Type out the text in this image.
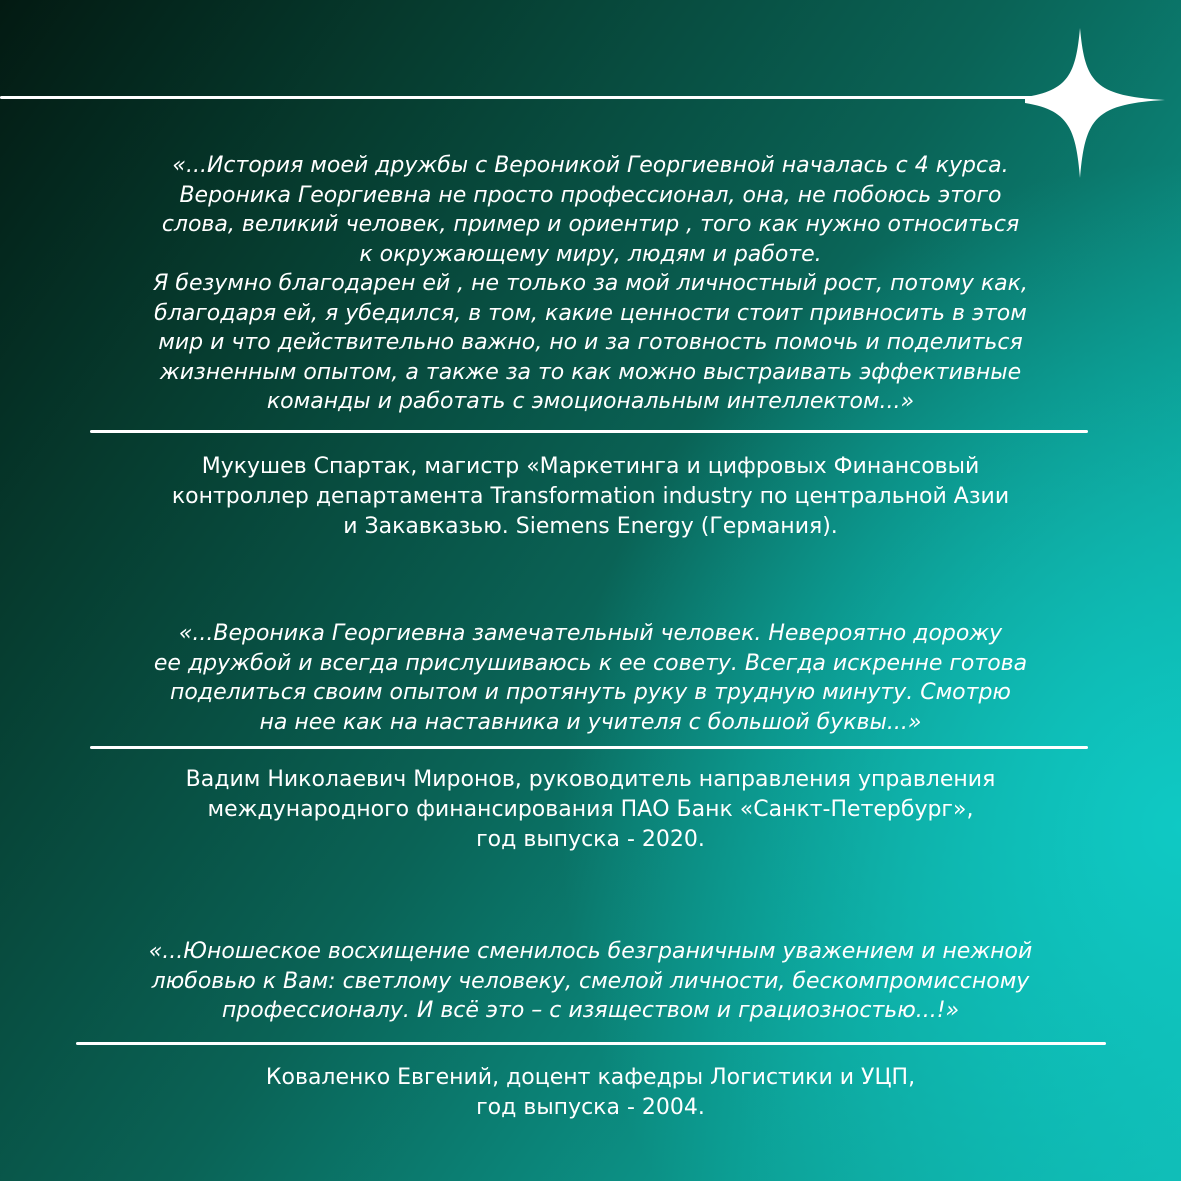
«...История моей дружбы с Вероникой Георгиевной началась с 4 курса.
Вероника Георгиевна не просто профессионал, она, не побоюсь этого
слова, великий человек, пример и ориентир , того как нужно относиться
к окружающему миру, людям и работе.
Я безумно благодарен ей , не только за мой личностный рост, потому как,
благодаря ей, я убедился, в том, какие ценности стоит привносить в этом
мир и что действительно важно, но и за готовность помочь и поделиться
жизненным опытом, а также за то как можно выстраивать эффективные
команды и работать с эмоциональным интеллектом...»

Мукушев Спартак, магистр «Маркетинга и цифровых Финансовый
контроллер департамента Transformation industry по центральной Азии
и Закавказью. Siemens Energy (Германия).

«...Вероника Георгиевна замечательный человек. Невероятно дорожу
ее дружбой и всегда прислушиваюсь к ее совету. Всегда искренне готова
поделиться своим опытом и протянуть руку в трудную минуту. Смотрю
на нее как на наставника и учителя с большой буквы...»

Вадим Николаевич Миронов, руководитель направления управления
международного финансирования ПАО Банк «Санкт-Петербург»,
год выпуска - 2020.

«...Юношеское восхищение сменилось безграничным уважением и нежной
любовью к Вам: светлому человеку, смелой личности, бескомпромиссному
профессионалу. И всё это – с изяществом и грациозностью...!»

Коваленко Евгений, доцент кафедры Логистики и УЦП,
год выпуска - 2004.
